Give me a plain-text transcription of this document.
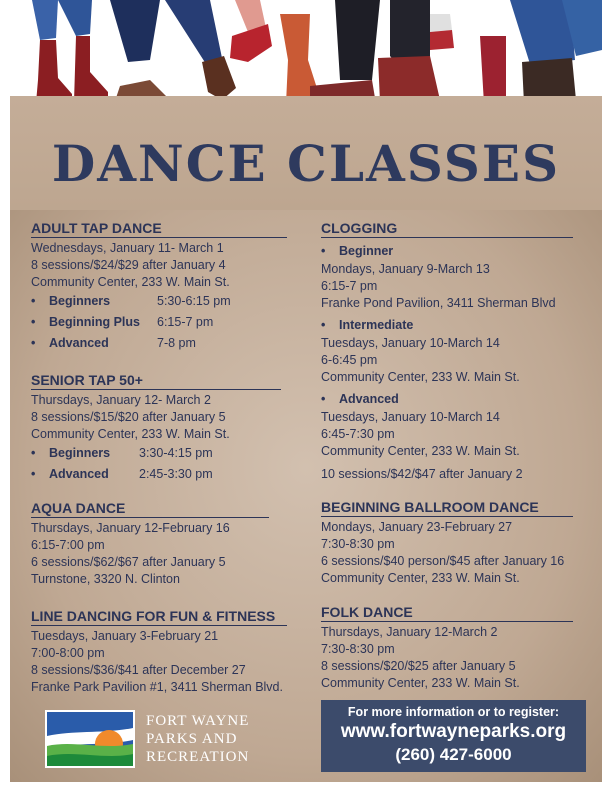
DANCE CLASSES
ADULT TAP DANCE
Wednesdays, January 11- March 1
8 sessions/$24/$29 after January 4
Community Center, 233 W. Main St.
•	Beginners	5:30-6:15 pm
•	Beginning Plus	6:15-7 pm
•	Advanced	7-8 pm
SENIOR TAP 50+
Thursdays, January 12- March 2
8 sessions/$15/$20 after January 5
Community Center, 233 W. Main St.
•	Beginners	3:30-4:15 pm
•	Advanced	2:45-3:30 pm
AQUA DANCE
Thursdays, January 12-February 16
6:15-7:00 pm
6 sessions/$62/$67 after January 5
Turnstone, 3320 N. Clinton
LINE DANCING FOR FUN & FITNESS
Tuesdays, January 3-February 21
7:00-8:00 pm
8 sessions/$36/$41 after December 27
Franke Park Pavilion #1, 3411 Sherman Blvd.
CLOGGING
• Beginner
Mondays, January 9-March 13
6:15-7 pm
Franke Pond Pavilion, 3411 Sherman Blvd
• Intermediate
Tuesdays, January 10-March 14
6-6:45 pm
Community Center, 233 W. Main St.
• Advanced
Tuesdays, January 10-March 14
6:45-7:30 pm
Community Center, 233 W. Main St.
10 sessions/$42/$47 after January 2
BEGINNING BALLROOM DANCE
Mondays, January 23-February 27
7:30-8:30 pm
6 sessions/$40 person/$45 after January 16
Community Center, 233 W. Main St.
FOLK DANCE
Thursdays, January 12-March 2
7:30-8:30 pm
8 sessions/$20/$25 after January 5
Community Center, 233 W. Main St.
FORT WAYNE
PARKS AND
RECREATION
For more information or to register:
www.fortwayneparks.org
(260) 427-6000
